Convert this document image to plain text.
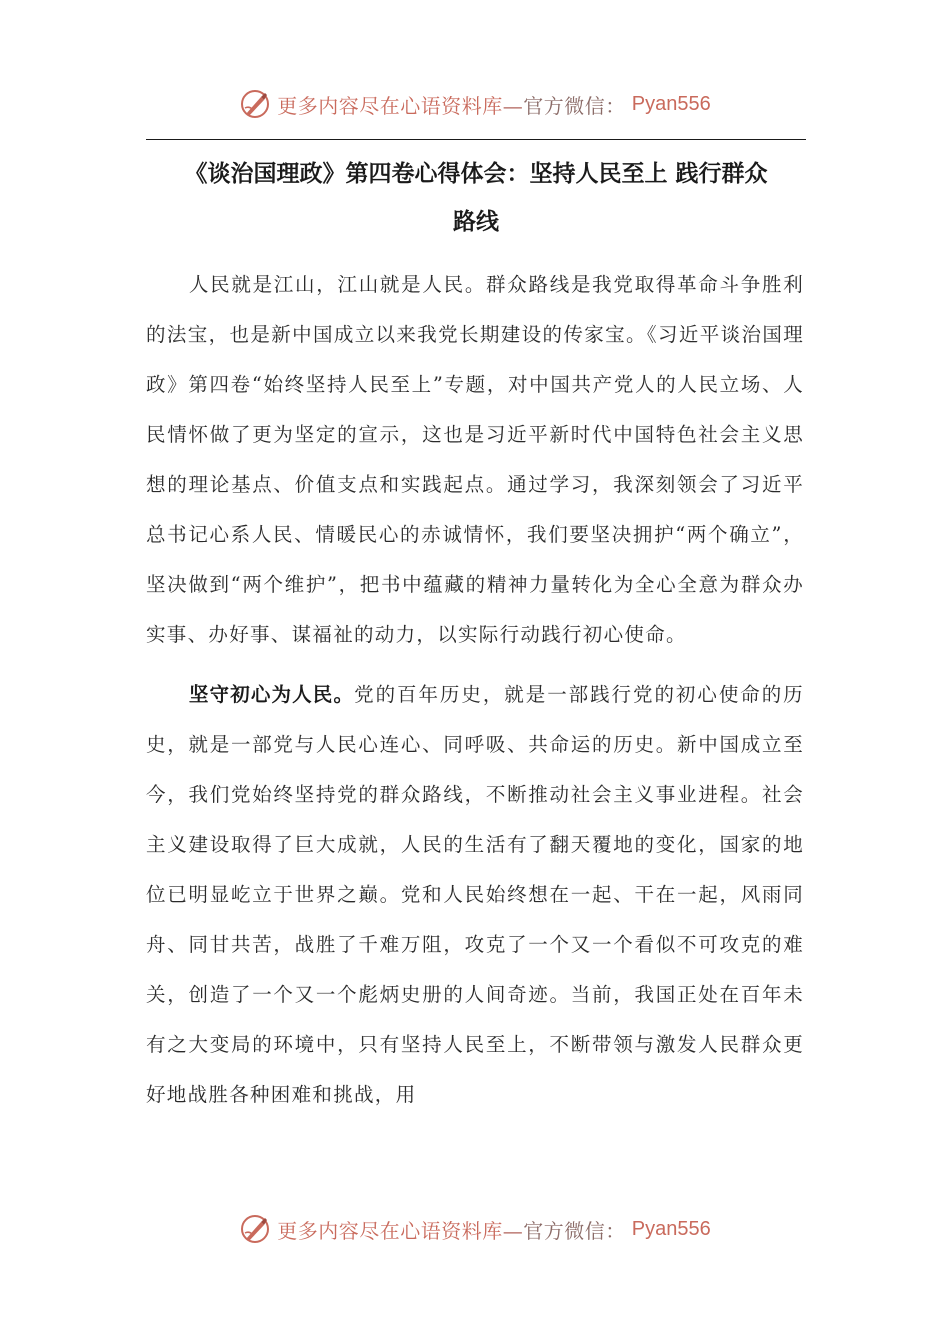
更多内容尽在心语资料库—官方微信： Pyan556
《谈治国理政》第四卷心得体会：坚持人民至上 践行群众
路线

人民就是江山，江山就是人民。群众路线是我党取得革命斗争胜利的法宝，也是新中国成立以来我党长期建设的传家宝。《习近平谈治国理政》第四卷“始终坚持人民至上”专题，对中国共产党人的人民立场、人民情怀做了更为坚定的宣示，这也是习近平新时代中国特色社会主义思想的理论基点、价值支点和实践起点。通过学习，我深刻领会了习近平总书记心系人民、情暖民心的赤诚情怀，我们要坚决拥护“两个确立”，坚决做到“两个维护”，把书中蕴藏的精神力量转化为全心全意为群众办实事、办好事、谋福祉的动力，以实际行动践行初心使命。

坚守初心为人民。党的百年历史，就是一部践行党的初心使命的历史，就是一部党与人民心连心、同呼吸、共命运的历史。新中国成立至今，我们党始终坚持党的群众路线，不断推动社会主义事业进程。社会主义建设取得了巨大成就，人民的生活有了翻天覆地的变化，国家的地位已明显屹立于世界之巅。党和人民始终想在一起、干在一起，风雨同舟、同甘共苦，战胜了千难万阻，攻克了一个又一个看似不可攻克的难关，创造了一个又一个彪炳史册的人间奇迹。当前，我国正处在百年未有之大变局的环境中，只有坚持人民至上，不断带领与激发人民群众更好地战胜各种困难和挑战，用

更多内容尽在心语资料库—官方微信： Pyan556
